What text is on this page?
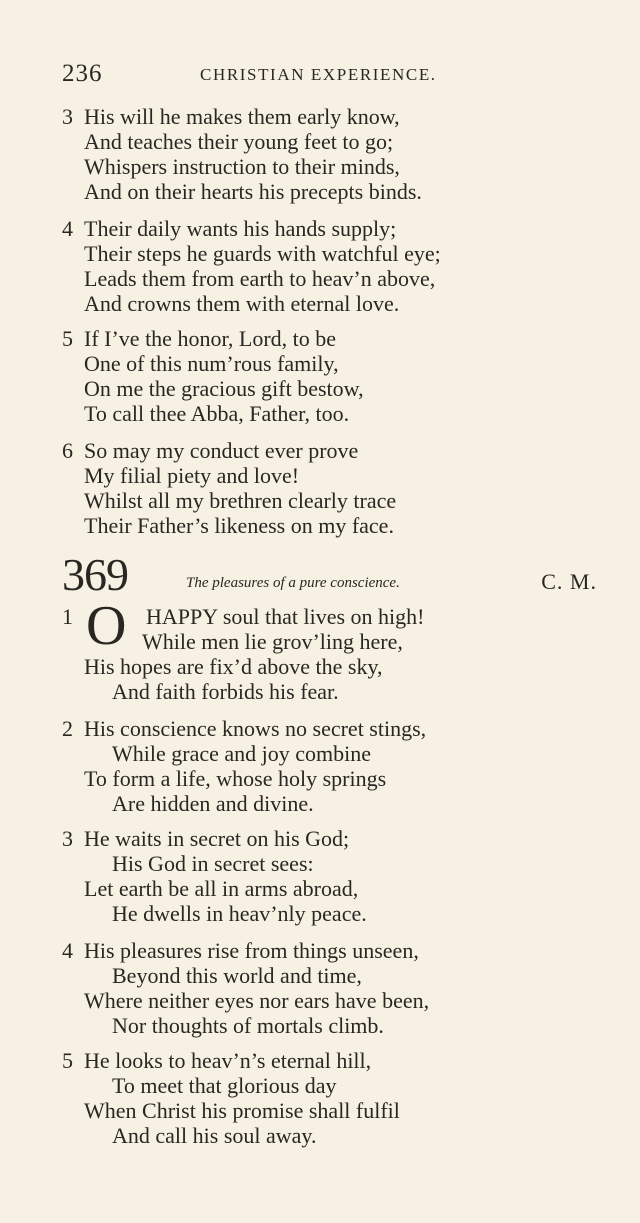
236	CHRISTIAN EXPERIENCE.
3 His will he makes them early know,
And teaches their young feet to go;
Whispers instruction to their minds,
And on their hearts his precepts binds.
4 Their daily wants his hands supply;
Their steps he guards with watchful eye;
Leads them from earth to heav’n above,
And crowns them with eternal love.
5 If I’ve the honor, Lord, to be
One of this num’rous family,
On me the gracious gift bestow,
To call thee Abba, Father, too.
6 So may my conduct ever prove
My filial piety and love!
Whilst all my brethren clearly trace
Their Father’s likeness on my face.
369	The pleasures of a pure conscience.	C. M.
1 O HAPPY soul that lives on high!
While men lie grov’ling here,
His hopes are fix’d above the sky,
And faith forbids his fear.
2 His conscience knows no secret stings,
While grace and joy combine
To form a life, whose holy springs
Are hidden and divine.
3 He waits in secret on his God;
His God in secret sees:
Let earth be all in arms abroad,
He dwells in heav’nly peace.
4 His pleasures rise from things unseen,
Beyond this world and time,
Where neither eyes nor ears have been,
Nor thoughts of mortals climb.
5 He looks to heav’n’s eternal hill,
To meet that glorious day
When Christ his promise shall fulfil
And call his soul away.
